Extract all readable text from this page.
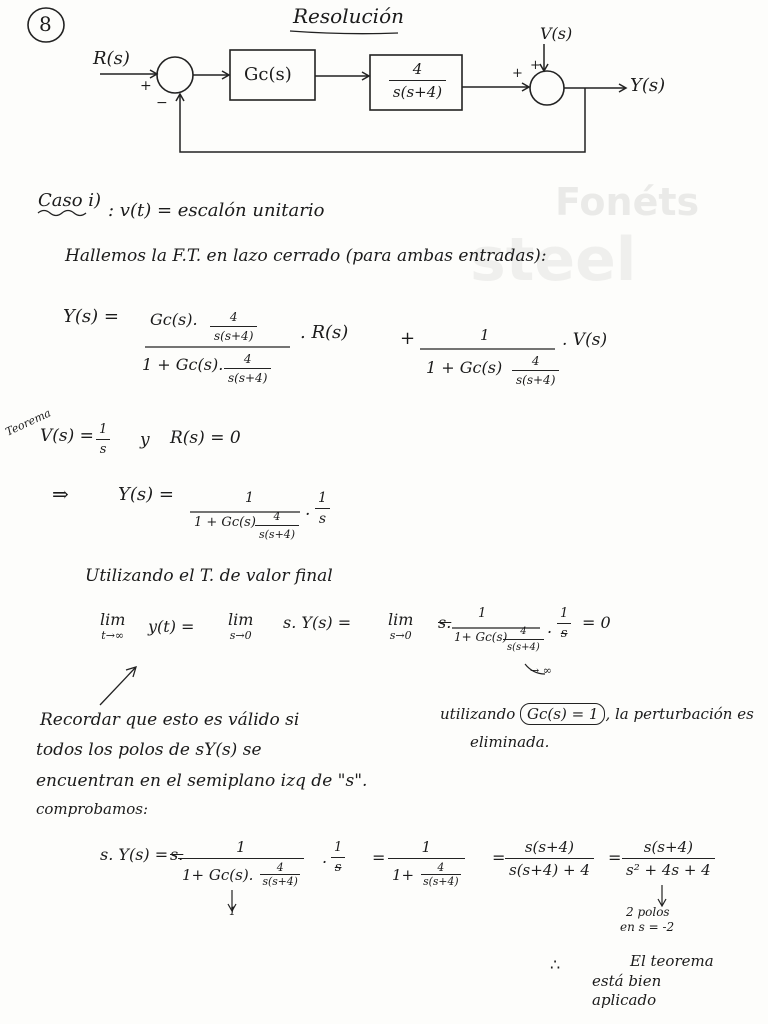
Fonéts
steel
8	Resolución
R(s)
+
−
Gc(s)	$\frac{4}{s(s+4)}$
V(s)
+
+
Y(s)
Caso i) : v(t) = escalón unitario
Hallemos la F.T. en lazo cerrado (para ambas entradas):
Y(s) = Gc(s). $\frac{4}{s(s+4)}$
1 + Gc(s). $\frac{4}{s(s+4)}$
. R(s)	+	1
$1 + Gc(s) \frac{4}{s(s+4)}$
. V(s)
Teorema
$V(s) = \frac{1}{s}$ y R(s) = 0
⇒	Y(s) =	1
$1 + Gc(s) \frac{4}{s(s+4)}$ . $\frac{1}{s}$
Utilizando el T. de valor final
lim
t→∞ y(t) = lim
s→0
s. Y(s) = lim
s→0
s. 1
1+ Gc(s)
$\frac{4}{s(s+4)}$ . $\frac{1}{s} = 0$
→ ∞
Recordar que esto es válido si
todos los polos de sY(s) se
encuentran en el semiplano izq de "s".
comprobamos:
utilizando Gc(s) = 1 , la perturbación es
eliminada.
s. Y(s) = s.
1
1+ Gc(s). 4
s(s+4) . $\frac{1}{s} = \frac{1}{1+ \frac{4}{s(s+4)}} = \frac{s(s+4)}{s(s+4) + 4} = \frac{s(s+4)}{\text{s² + 4s + 4}}$
1	2 polos
en s = -2
∴	El teorema
está bien
aplicado
